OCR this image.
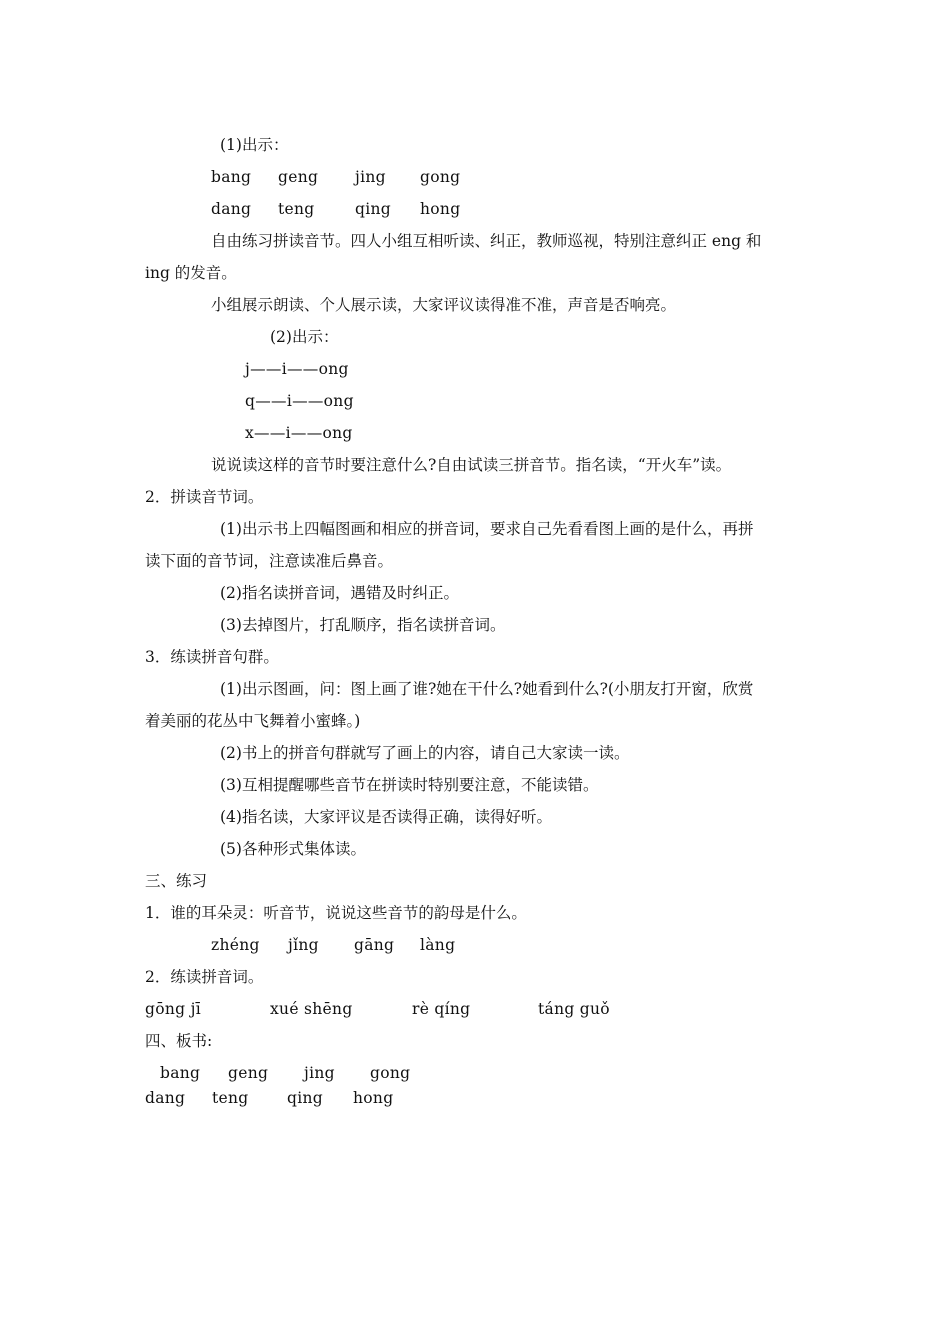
(1)出示：
bang geng jing gong
dang teng	qing hong
自由练习拼读音节。四人小组互相听读、纠正，教师巡视，特别注意纠正 eng 和
ing 的发音。
小组展示朗读、个人展示读，大家评议读得准不准，声音是否响亮。
(2)出示：
j——i——ong
q——i——ong
x——i——ong
说说读这样的音节时要注意什么?自由试读三拼音节。指名读，“开火车”读。
2．拼读音节词。
(1)出示书上四幅图画和相应的拼音词，要求自己先看看图上画的是什么，再拼
读下面的音节词，注意读准后鼻音。
(2)指名读拼音词，遇错及时纠正。
(3)去掉图片，打乱顺序，指名读拼音词。
3．练读拼音句群。
(1)出示图画，问：图上画了谁?她在干什么?她看到什么?(小朋友打开窗，欣赏
着美丽的花丛中飞舞着小蜜蜂。)
(2)书上的拼音句群就写了画上的内容，请自己大家读一读。
(3)互相提醒哪些音节在拼读时特别要注意，不能读错。
(4)指名读，大家评议是否读得正确，读得好听。
(5)各种形式集体读。
三、练习
1．谁的耳朵灵：听音节，说说这些音节的韵母是什么。
zhéng jǐng gāng làng
2．练读拼音词。
gōng jī	xué shēng	rè qíng	táng guǒ
四、板书:
bang geng jing gong
dang teng qing hong
